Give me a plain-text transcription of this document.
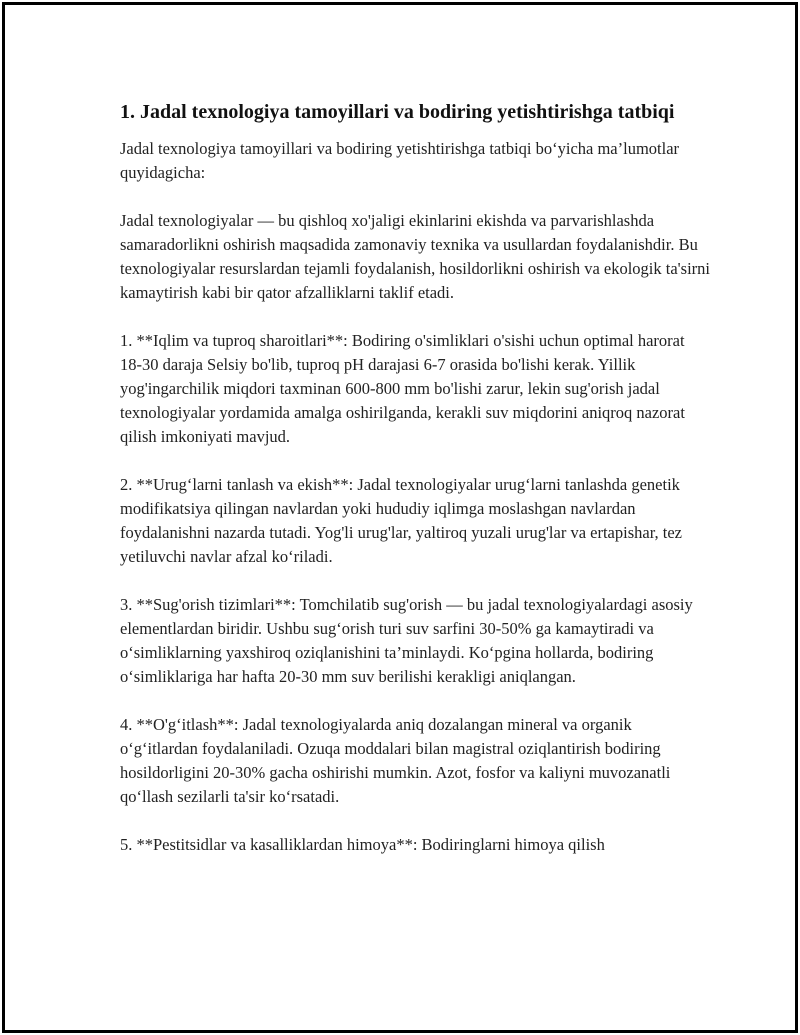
1. Jadal texnologiya tamoyillari va bodiring yetishtirishga tatbiqi

Jadal texnologiya tamoyillari va bodiring yetishtirishga tatbiqi bo‘yicha ma’lumotlar quyidagicha:

Jadal texnologiyalar — bu qishloq xo'jaligi ekinlarini ekishda va parvarishlashda samaradorlikni oshirish maqsadida zamonaviy texnika va usullardan foydalanishdir. Bu texnologiyalar resurslardan tejamli foydalanish, hosildorlikni oshirish va ekologik ta'sirni kamaytirish kabi bir qator afzalliklarni taklif etadi.

1. **Iqlim va tuproq sharoitlari**: Bodiring o'simliklari o'sishi uchun optimal harorat 18-30 daraja Selsiy bo'lib, tuproq pH darajasi 6-7 orasida bo'lishi kerak. Yillik yog'ingarchilik miqdori taxminan 600-800 mm bo'lishi zarur, lekin sug'orish jadal texnologiyalar yordamida amalga oshirilganda, kerakli suv miqdorini aniqroq nazorat qilish imkoniyati mavjud.

2. **Urug‘larni tanlash va ekish**: Jadal texnologiyalar urug‘larni tanlashda genetik modifikatsiya qilingan navlardan yoki hududiy iqlimga moslashgan navlardan foydalanishni nazarda tutadi. Yog'li urug'lar, yaltiroq yuzali urug'lar va ertapishar, tez yetiluvchi navlar afzal ko‘riladi.

3. **Sug'orish tizimlari**: Tomchilatib sug'orish — bu jadal texnologiyalardagi asosiy elementlardan biridir. Ushbu sug‘orish turi suv sarfini 30-50% ga kamaytiradi va o‘simliklarning yaxshiroq oziqlanishini ta’minlaydi. Ko‘pgina hollarda, bodiring o‘simliklariga har hafta 20-30 mm suv berilishi kerakligi aniqlangan.

4. **O'g‘itlash**: Jadal texnologiyalarda aniq dozalangan mineral va organik o‘g‘itlardan foydalaniladi. Ozuqa moddalari bilan magistral oziqlantirish bodiring hosildorligini 20-30% gacha oshirishi mumkin. Azot, fosfor va kaliyni muvozanatli qo‘llash sezilarli ta'sir ko‘rsatadi.

5. **Pestitsidlar va kasalliklardan himoya**: Bodiringlarni himoya qilish
